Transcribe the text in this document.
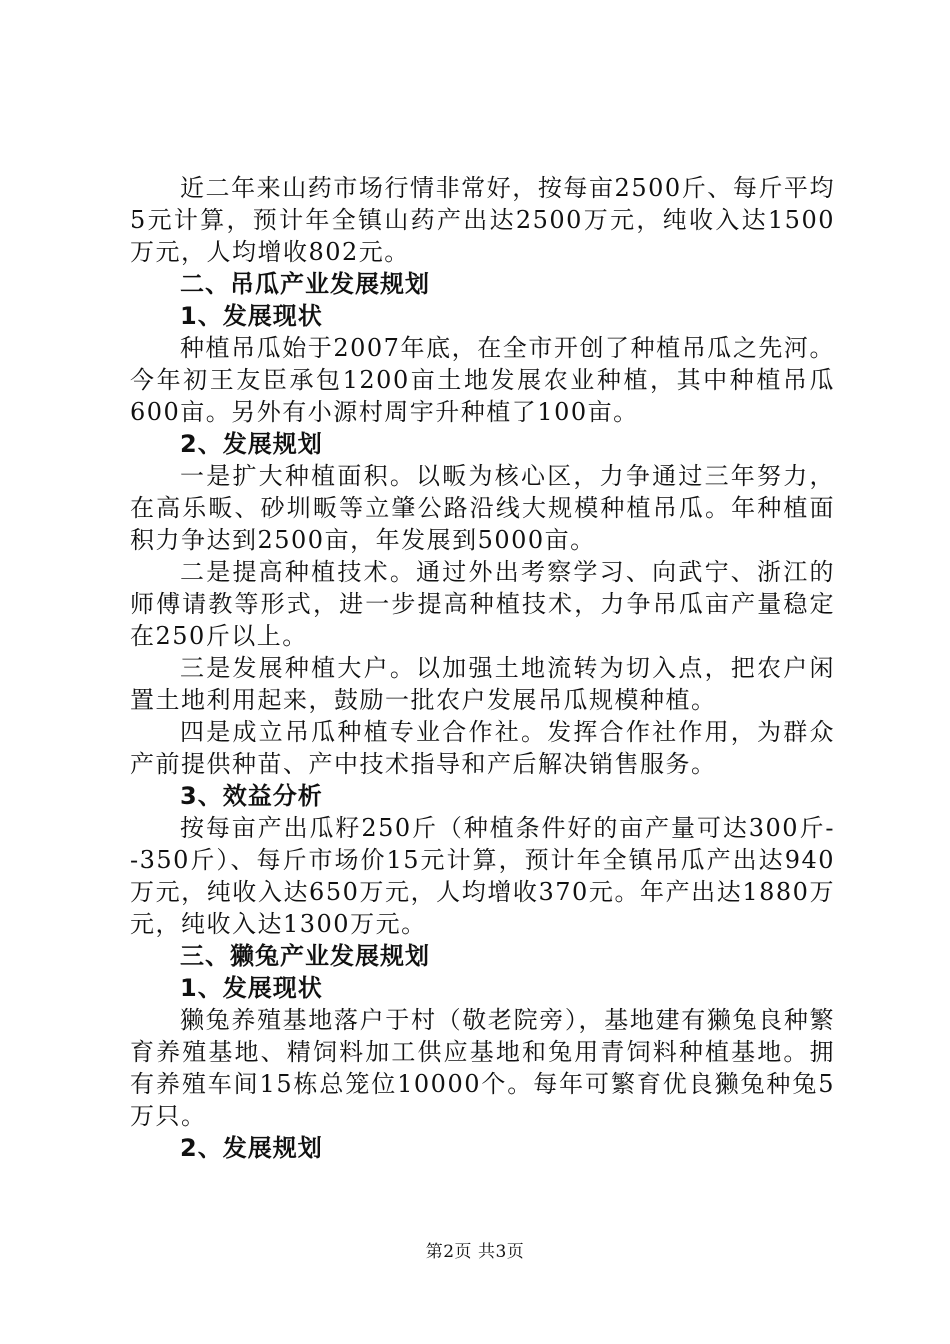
近二年来山药市场行情非常好，按每亩2500斤、每斤平均5元计算，预计年全镇山药产出达2500万元，纯收入达1500万元，人均增收802元。

二、吊瓜产业发展规划

1、发展现状

种植吊瓜始于2007年底，在全市开创了种植吊瓜之先河。今年初王友臣承包1200亩土地发展农业种植，其中种植吊瓜600亩。另外有小源村周宇升种植了100亩。

2、发展规划

一是扩大种植面积。以畈为核心区，力争通过三年努力，在高乐畈、砂圳畈等立肇公路沿线大规模种植吊瓜。年种植面积力争达到2500亩，年发展到5000亩。

二是提高种植技术。通过外出考察学习、向武宁、浙江的师傅请教等形式，进一步提高种植技术，力争吊瓜亩产量稳定在250斤以上。

三是发展种植大户。以加强土地流转为切入点，把农户闲置土地利用起来，鼓励一批农户发展吊瓜规模种植。

四是成立吊瓜种植专业合作社。发挥合作社作用，为群众产前提供种苗、产中技术指导和产后解决销售服务。

3、效益分析

按每亩产出瓜籽250斤（种植条件好的亩产量可达300斤--350斤）、每斤市场价15元计算，预计年全镇吊瓜产出达940万元，纯收入达650万元，人均增收370元。年产出达1880万元，纯收入达1300万元。

三、獭兔产业发展规划

1、发展现状

獭兔养殖基地落户于村（敬老院旁），基地建有獭兔良种繁育养殖基地、精饲料加工供应基地和兔用青饲料种植基地。拥有养殖车间15栋总笼位10000个。每年可繁育优良獭兔种兔5万只。

2、发展规划

第2页 共3页
